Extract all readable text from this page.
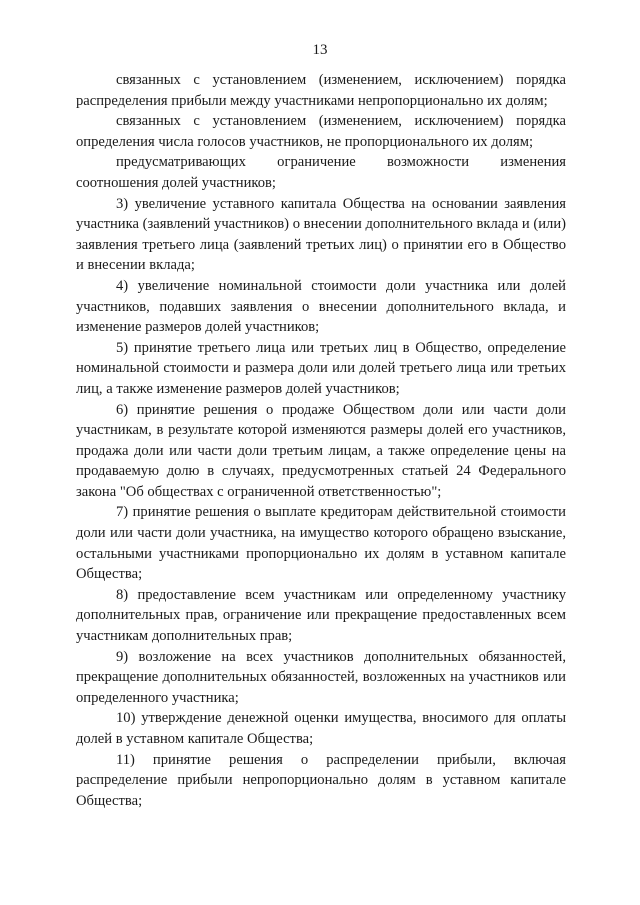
13

связанных с установлением (изменением, исключением) порядка распределения прибыли между участниками непропорционально их долям;

связанных с установлением (изменением, исключением) порядка определения числа голосов участников, не пропорционального их долям;

предусматривающих ограничение возможности изменения соотношения долей участников;

3) увеличение уставного капитала Общества на основании заявления участника (заявлений участников) о внесении дополнительного вклада и (или) заявления третьего лица (заявлений третьих лиц) о принятии его в Общество и внесении вклада;

4) увеличение номинальной стоимости доли участника или долей участников, подавших заявления о внесении дополнительного вклада, и изменение размеров долей участников;

5) принятие третьего лица или третьих лиц в Общество, определение номинальной стоимости и размера доли или долей третьего лица или третьих лиц, а также изменение размеров долей участников;

6) принятие решения о продаже Обществом доли или части доли участникам, в результате которой изменяются размеры долей его участников, продажа доли или части доли третьим лицам, а также определение цены на продаваемую долю в случаях, предусмотренных статьей 24 Федерального закона "Об обществах с ограниченной ответственностью";

7) принятие решения о выплате кредиторам действительной стоимости доли или части доли участника, на имущество которого обращено взыскание, остальными участниками пропорционально их долям в уставном капитале Общества;

8) предоставление всем участникам или определенному участнику дополнительных прав, ограничение или прекращение предоставленных всем участникам дополнительных прав;

9) возложение на всех участников дополнительных обязанностей, прекращение дополнительных обязанностей, возложенных на участников или определенного участника;

10) утверждение денежной оценки имущества, вносимого для оплаты долей в уставном капитале Общества;

11) принятие решения о распределении прибыли, включая распределение прибыли непропорционально долям в уставном капитале Общества;
